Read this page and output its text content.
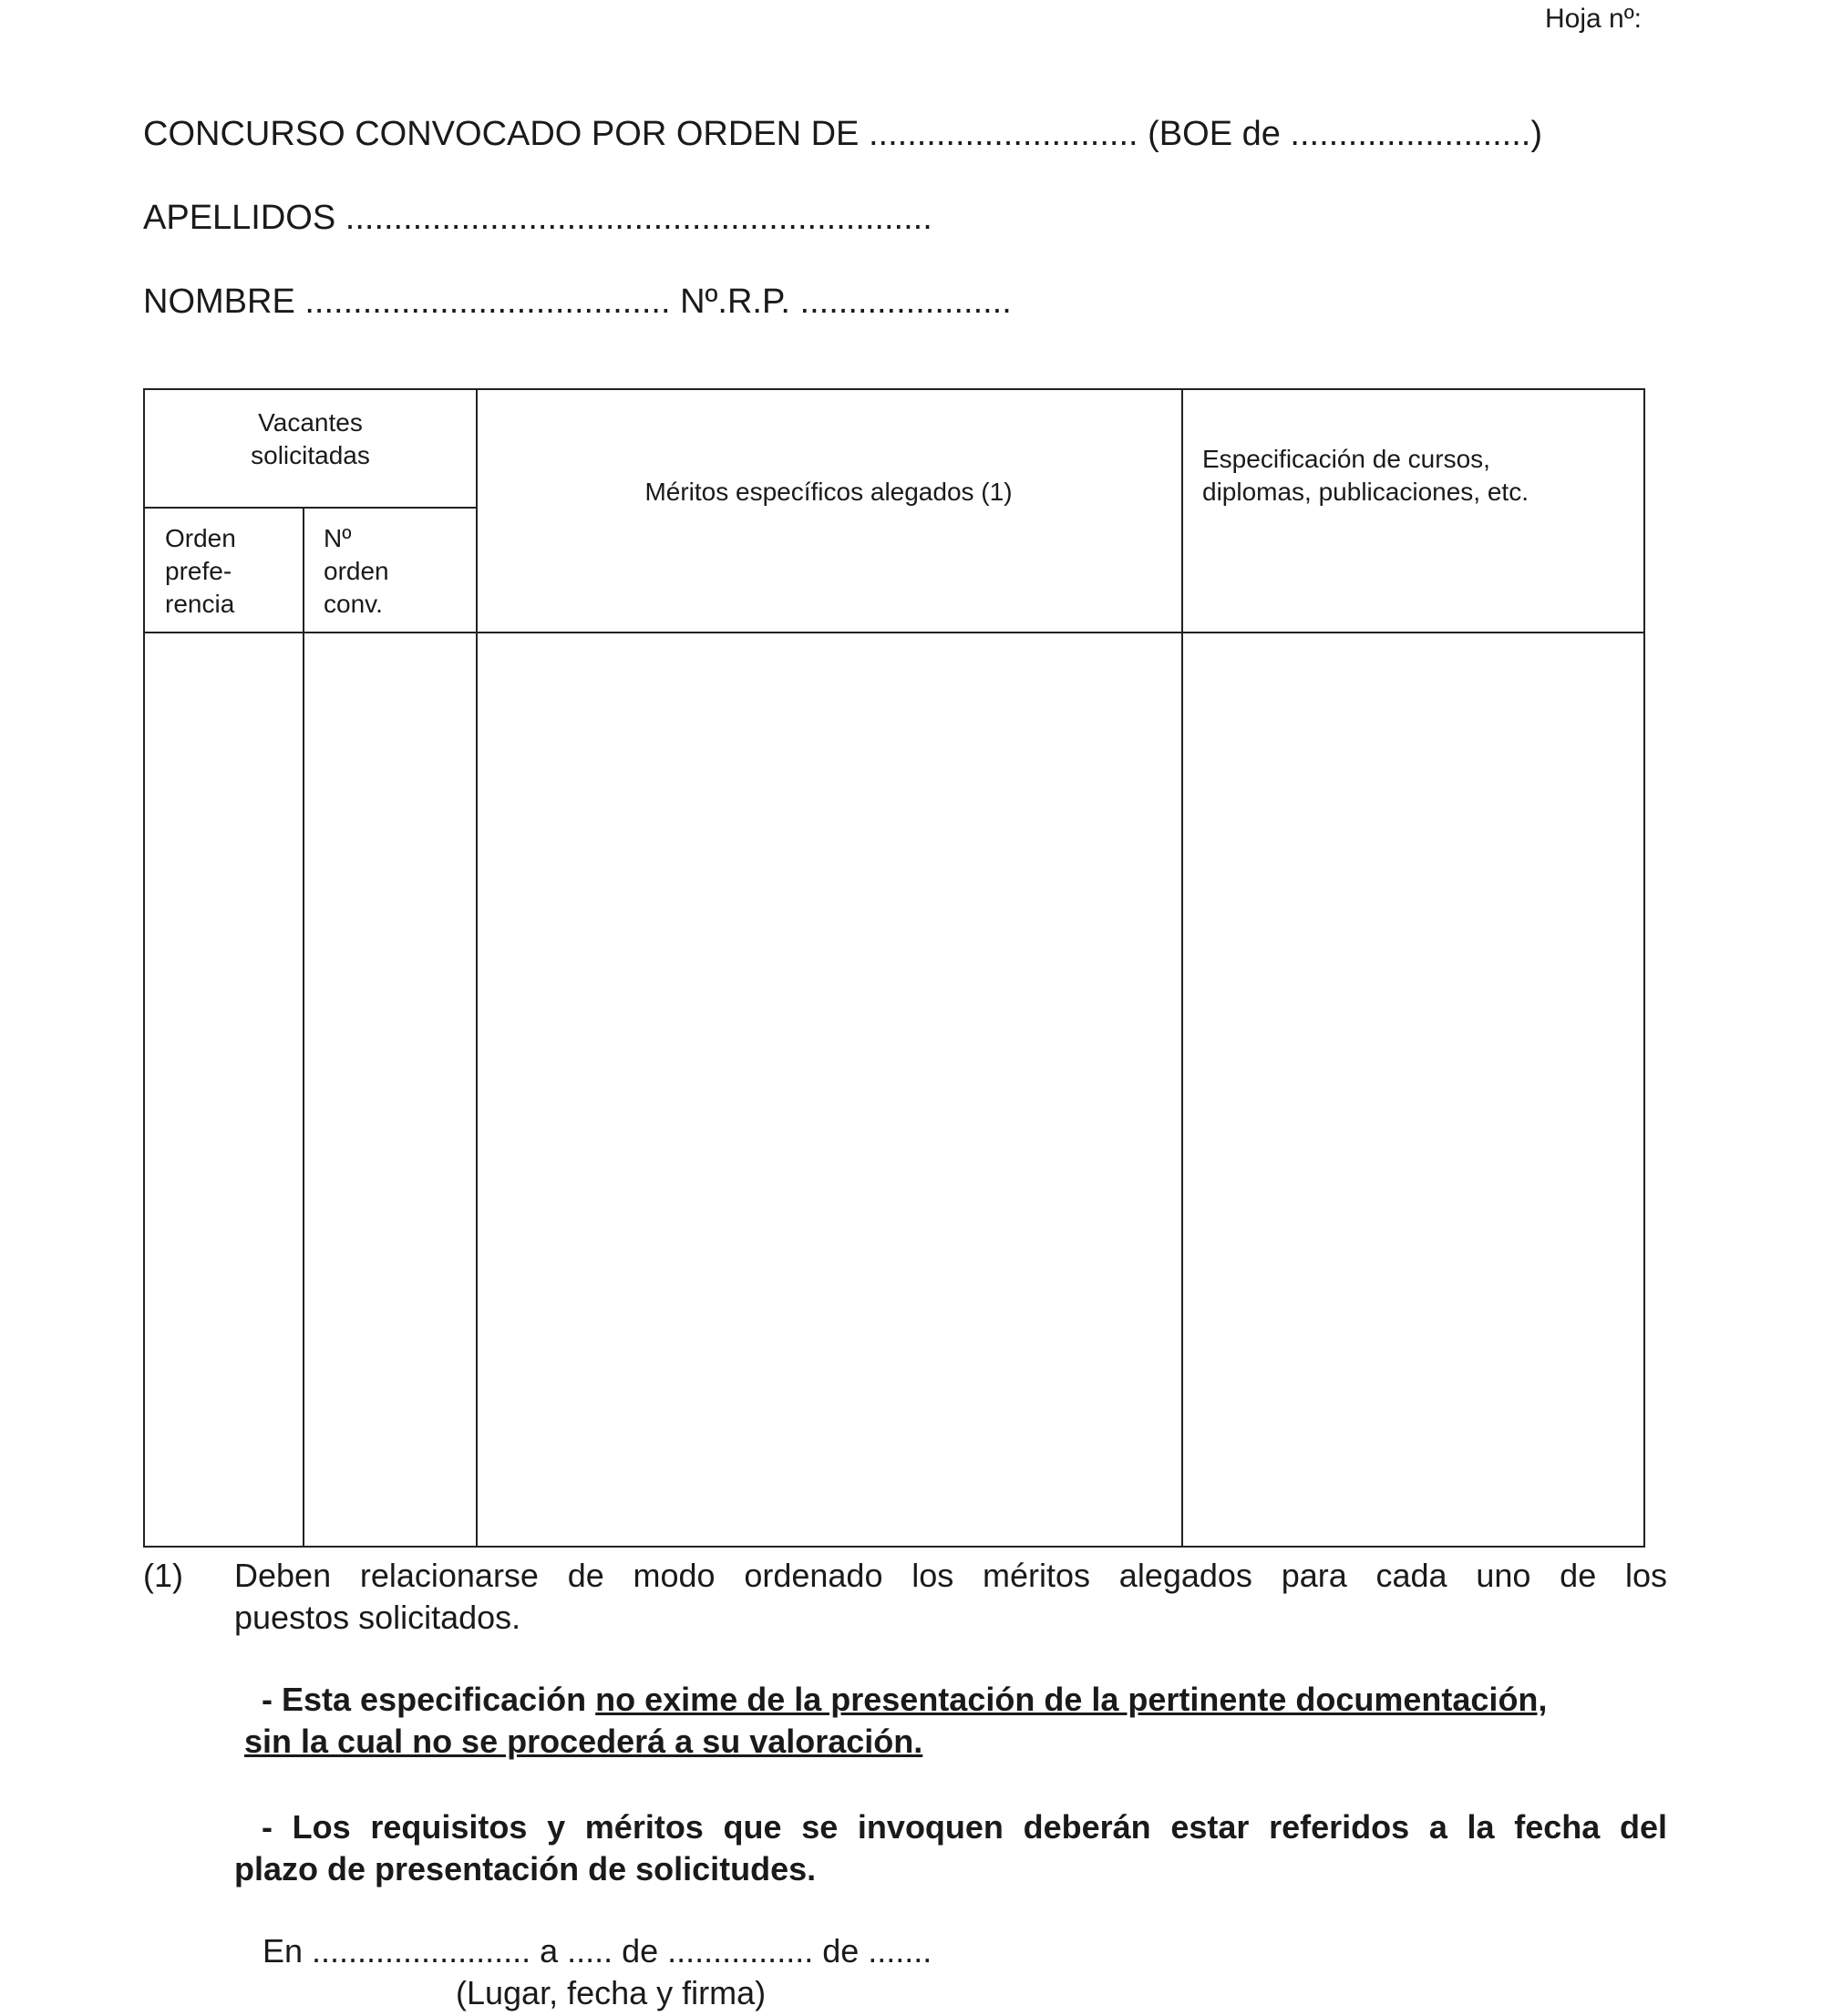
Hoja nº:
CONCURSO CONVOCADO POR ORDEN DE ............................ (BOE de .........................)
APELLIDOS .............................................................
NOMBRE ...................................... Nº.R.P. ......................
Vacantes
solicitadas
Orden
prefe-
rencia
Nº
orden
conv.
Méritos específicos alegados (1)
Especificación de cursos,
diplomas, publicaciones, etc.
(1) Deben relacionarse de modo ordenado los méritos alegados para cada uno de los
puestos solicitados.
- Esta especificación no exime de la presentación de la pertinente documentación,
sin la cual no se procederá a su valoración.
- Los requisitos y méritos que se invoquen deberán estar referidos a la fecha del
plazo de presentación de solicitudes.
En ........................ a ..... de ................ de .......
(Lugar, fecha y firma)
